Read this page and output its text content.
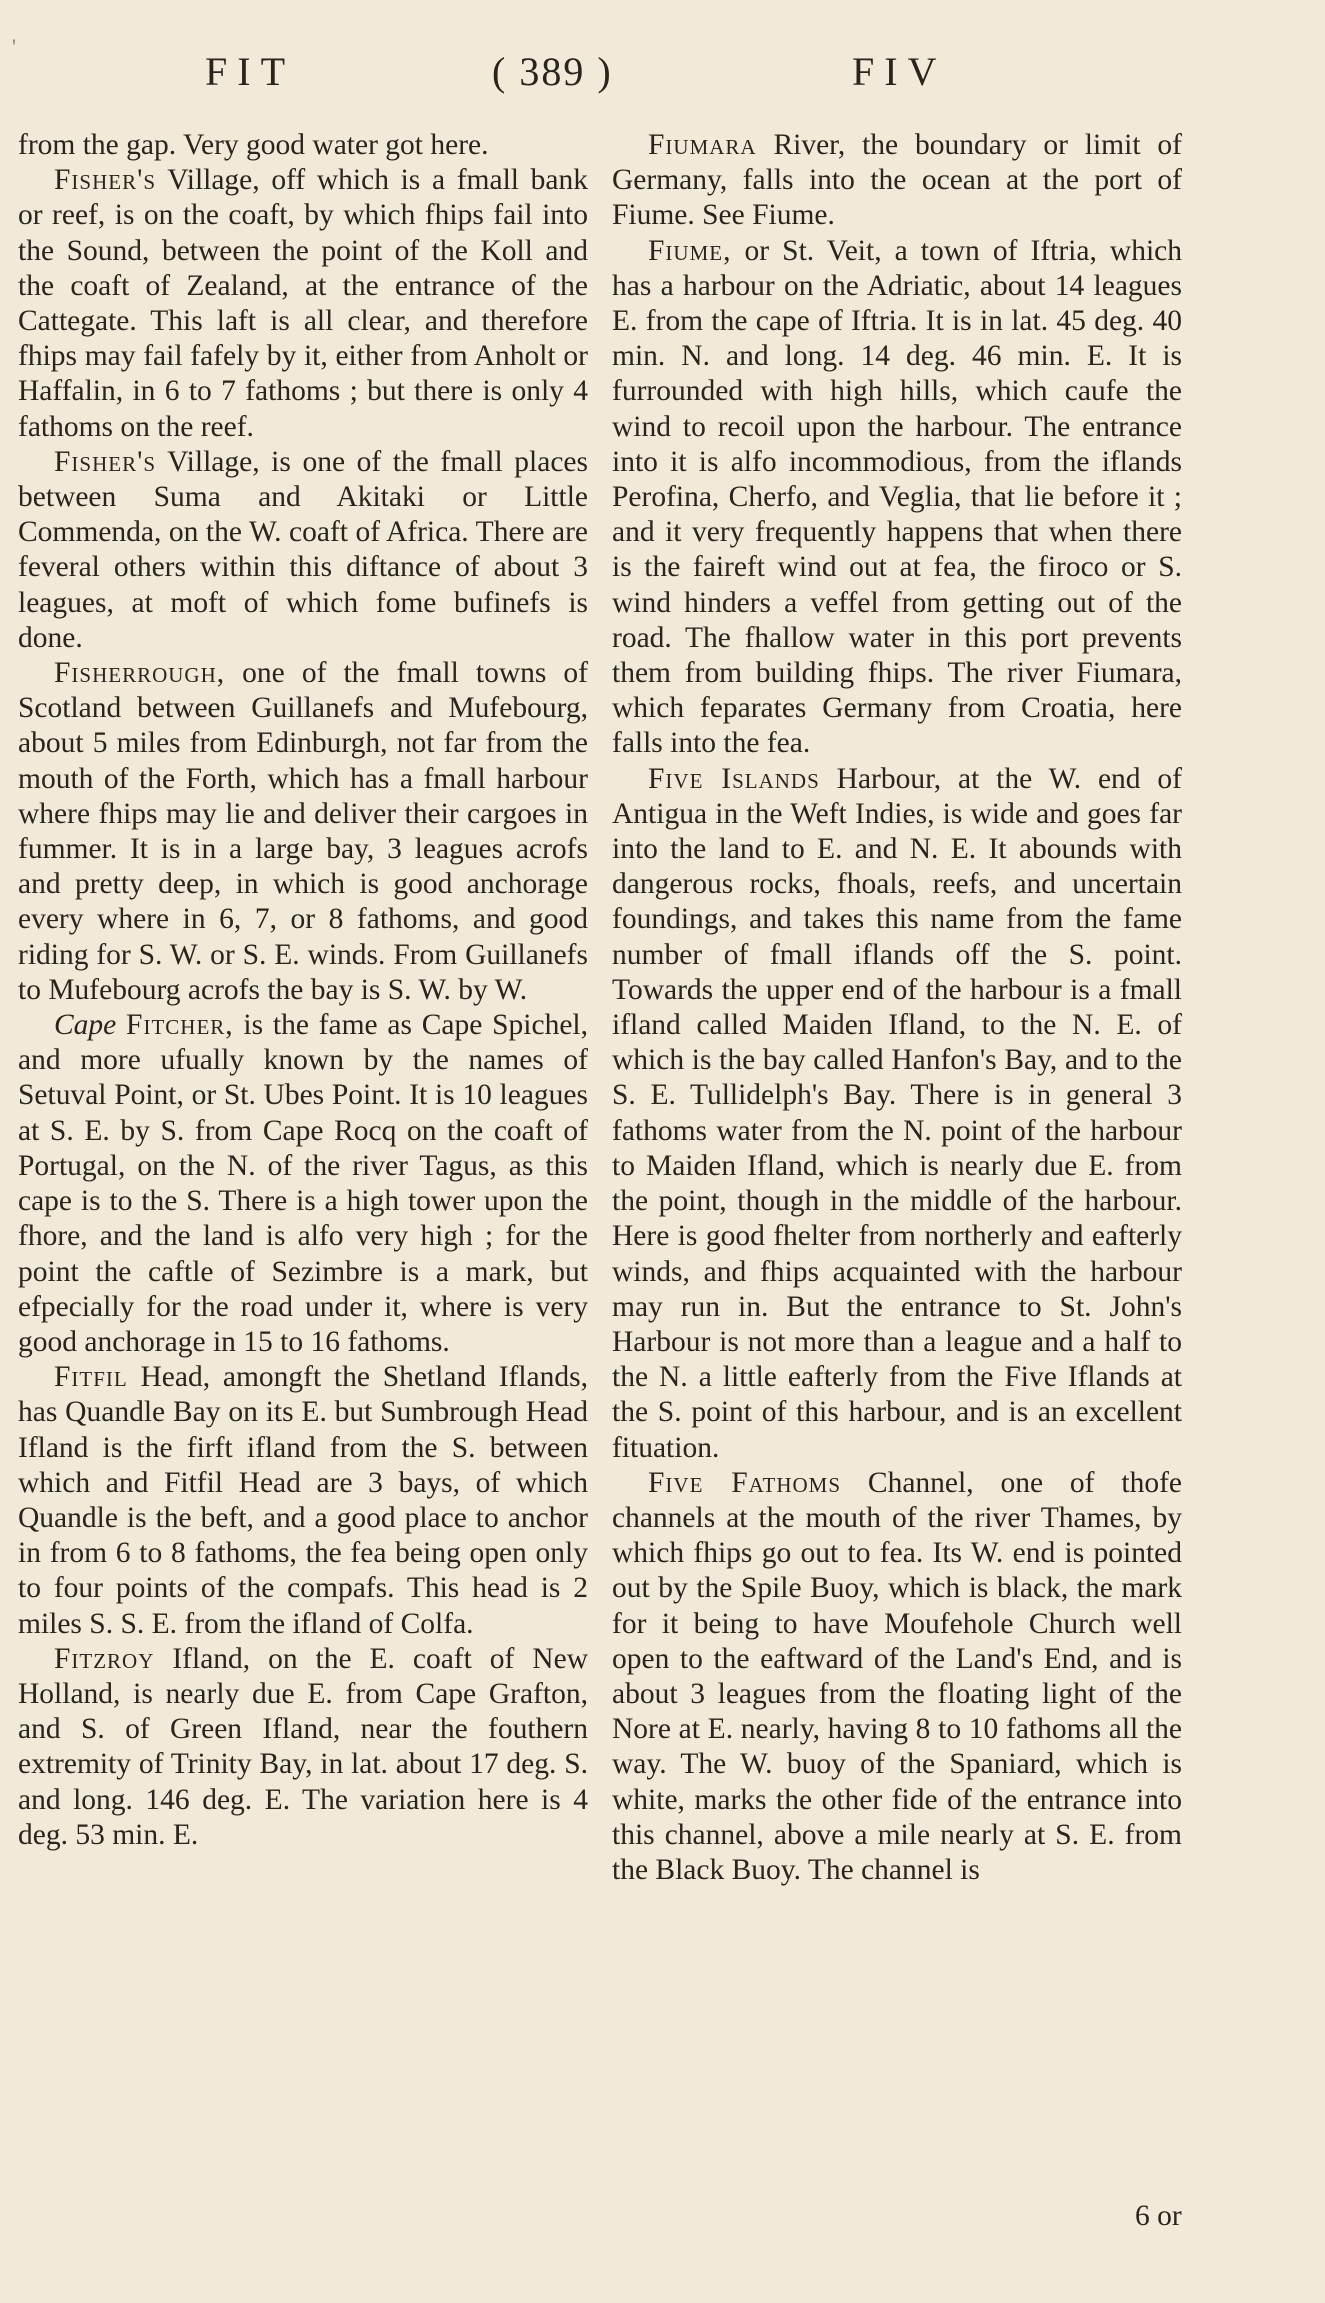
'
FIT	( 389 )	FIV

from the gap. Very good water got here.

Fisher's Village, off which is a fmall bank or reef, is on the coaft, by which fhips fail into the Sound, between the point of the Koll and the coaft of Zealand, at the entrance of the Cattegate. This laft is all clear, and therefore fhips may fail fafely by it, either from Anholt or Haffalin, in 6 to 7 fathoms ; but there is only 4 fathoms on the reef.

Fisher's Village, is one of the fmall places between Suma and Akitaki or Little Commenda, on the W. coaft of Africa. There are feveral others within this diftance of about 3 leagues, at moft of which fome bufinefs is done.

Fisherrough, one of the fmall towns of Scotland between Guillanefs and Mufebourg, about 5 miles from Edinburgh, not far from the mouth of the Forth, which has a fmall harbour where fhips may lie and deliver their cargoes in fummer. It is in a large bay, 3 leagues acrofs and pretty deep, in which is good anchorage every where in 6, 7, or 8 fathoms, and good riding for S. W. or S. E. winds. From Guillanefs to Mufebourg acrofs the bay is S. W. by W.

Cape Fitcher, is the fame as Cape Spichel, and more ufually known by the names of Setuval Point, or St. Ubes Point. It is 10 leagues at S. E. by S. from Cape Rocq on the coaft of Portugal, on the N. of the river Tagus, as this cape is to the S. There is a high tower upon the fhore, and the land is alfo very high ; for the point the caftle of Sezimbre is a mark, but efpecially for the road under it, where is very good anchorage in 15 to 16 fathoms.

Fitfil Head, amongft the Shetland Iflands, has Quandle Bay on its E. but Sumbrough Head Ifland is the firft ifland from the S. between which and Fitfil Head are 3 bays, of which Quandle is the beft, and a good place to anchor in from 6 to 8 fathoms, the fea being open only to four points of the compafs. This head is 2 miles S. S. E. from the ifland of Colfa.

Fitzroy Ifland, on the E. coaft of New Holland, is nearly due E. from Cape Grafton, and S. of Green Ifland, near the fouthern extremity of Trinity Bay, in lat. about 17 deg. S. and long. 146 deg. E. The variation here is 4 deg. 53 min. E.

Fiumara River, the boundary or limit of Germany, falls into the ocean at the port of Fiume. See Fiume.

Fiume, or St. Veit, a town of Iftria, which has a harbour on the Adriatic, about 14 leagues E. from the cape of Iftria. It is in lat. 45 deg. 40 min. N. and long. 14 deg. 46 min. E. It is furrounded with high hills, which caufe the wind to recoil upon the harbour. The entrance into it is alfo incommodious, from the iflands Perofina, Cherfo, and Veglia, that lie before it ; and it very frequently happens that when there is the faireft wind out at fea, the firoco or S. wind hinders a veffel from getting out of the road. The fhallow water in this port prevents them from building fhips. The river Fiumara, which feparates Germany from Croatia, here falls into the fea.

Five Islands Harbour, at the W. end of Antigua in the Weft Indies, is wide and goes far into the land to E. and N. E. It abounds with dangerous rocks, fhoals, reefs, and uncertain foundings, and takes this name from the fame number of fmall iflands off the S. point. Towards the upper end of the harbour is a fmall ifland called Maiden Ifland, to the N. E. of which is the bay called Hanfon's Bay, and to the S. E. Tullidelph's Bay. There is in general 3 fathoms water from the N. point of the harbour to Maiden Ifland, which is nearly due E. from the point, though in the middle of the harbour. Here is good fhelter from northerly and eafterly winds, and fhips acquainted with the harbour may run in. But the entrance to St. John's Harbour is not more than a league and a half to the N. a little eafterly from the Five Iflands at the S. point of this harbour, and is an excellent fituation.

Five Fathoms Channel, one of thofe channels at the mouth of the river Thames, by which fhips go out to fea. Its W. end is pointed out by the Spile Buoy, which is black, the mark for it being to have Moufehole Church well open to the eaftward of the Land's End, and is about 3 leagues from the floating light of the Nore at E. nearly, having 8 to 10 fathoms all the way. The W. buoy of the Spaniard, which is white, marks the other fide of the entrance into this channel, above a mile nearly at S. E. from the Black Buoy. The channel is

6 or
